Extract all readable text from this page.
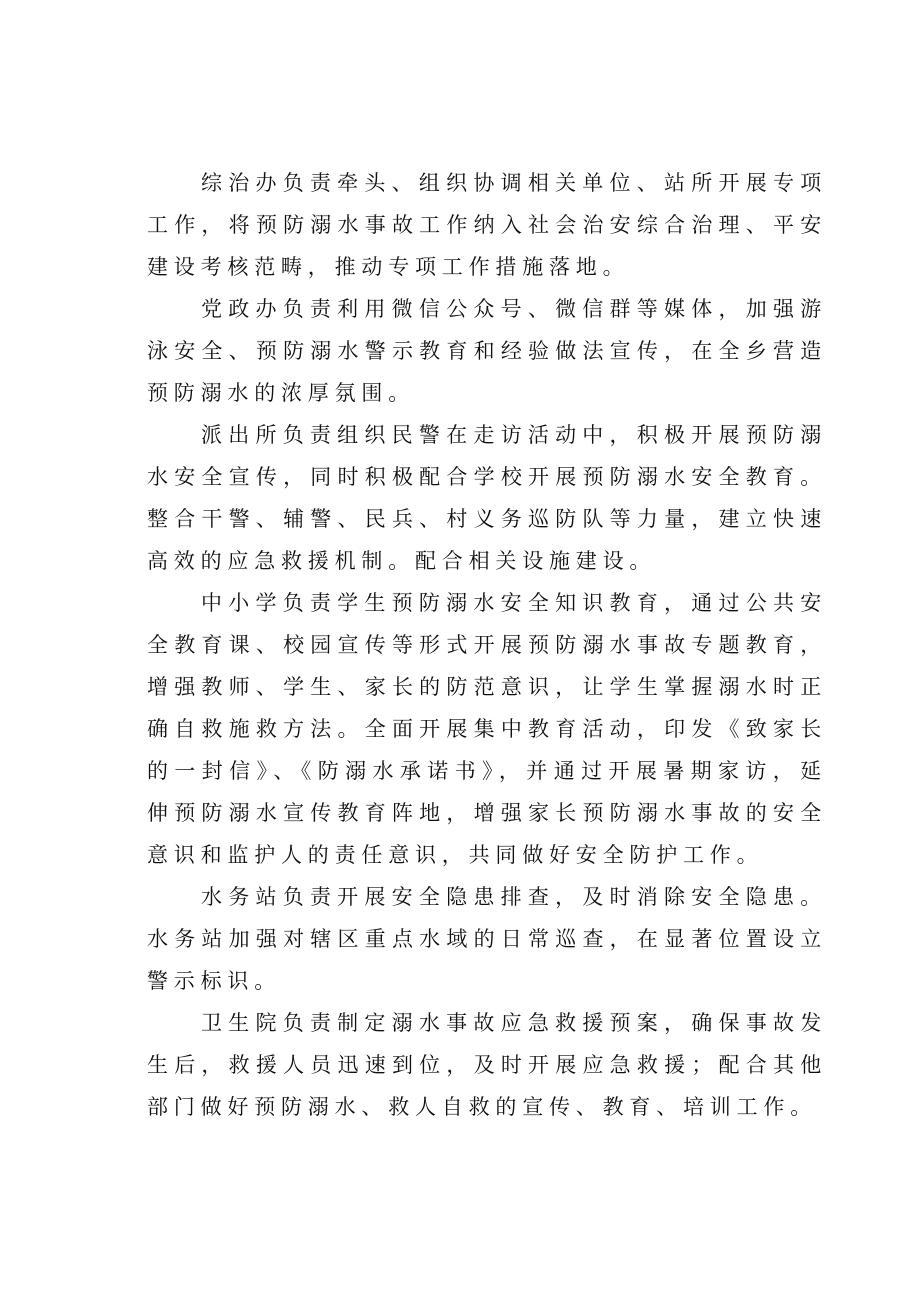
综治办负责牵头、组织协调相关单位、站所开展专项工作，将预防溺水事故工作纳入社会治安综合治理、平安建设考核范畴，推动专项工作措施落地。

党政办负责利用微信公众号、微信群等媒体，加强游泳安全、预防溺水警示教育和经验做法宣传，在全乡营造预防溺水的浓厚氛围。

派出所负责组织民警在走访活动中，积极开展预防溺水安全宣传，同时积极配合学校开展预防溺水安全教育。整合干警、辅警、民兵、村义务巡防队等力量，建立快速高效的应急救援机制。配合相关设施建设。

中小学负责学生预防溺水安全知识教育，通过公共安全教育课、校园宣传等形式开展预防溺水事故专题教育，增强教师、学生、家长的防范意识，让学生掌握溺水时正确自救施救方法。全面开展集中教育活动，印发《致家长的一封信》、《防溺水承诺书》，并通过开展暑期家访，延伸预防溺水宣传教育阵地，增强家长预防溺水事故的安全意识和监护人的责任意识，共同做好安全防护工作。

水务站负责开展安全隐患排查，及时消除安全隐患。水务站加强对辖区重点水域的日常巡查，在显著位置设立警示标识。

卫生院负责制定溺水事故应急救援预案，确保事故发生后，救援人员迅速到位，及时开展应急救援；配合其他部门做好预防溺水、救人自救的宣传、教育、培训工作。
